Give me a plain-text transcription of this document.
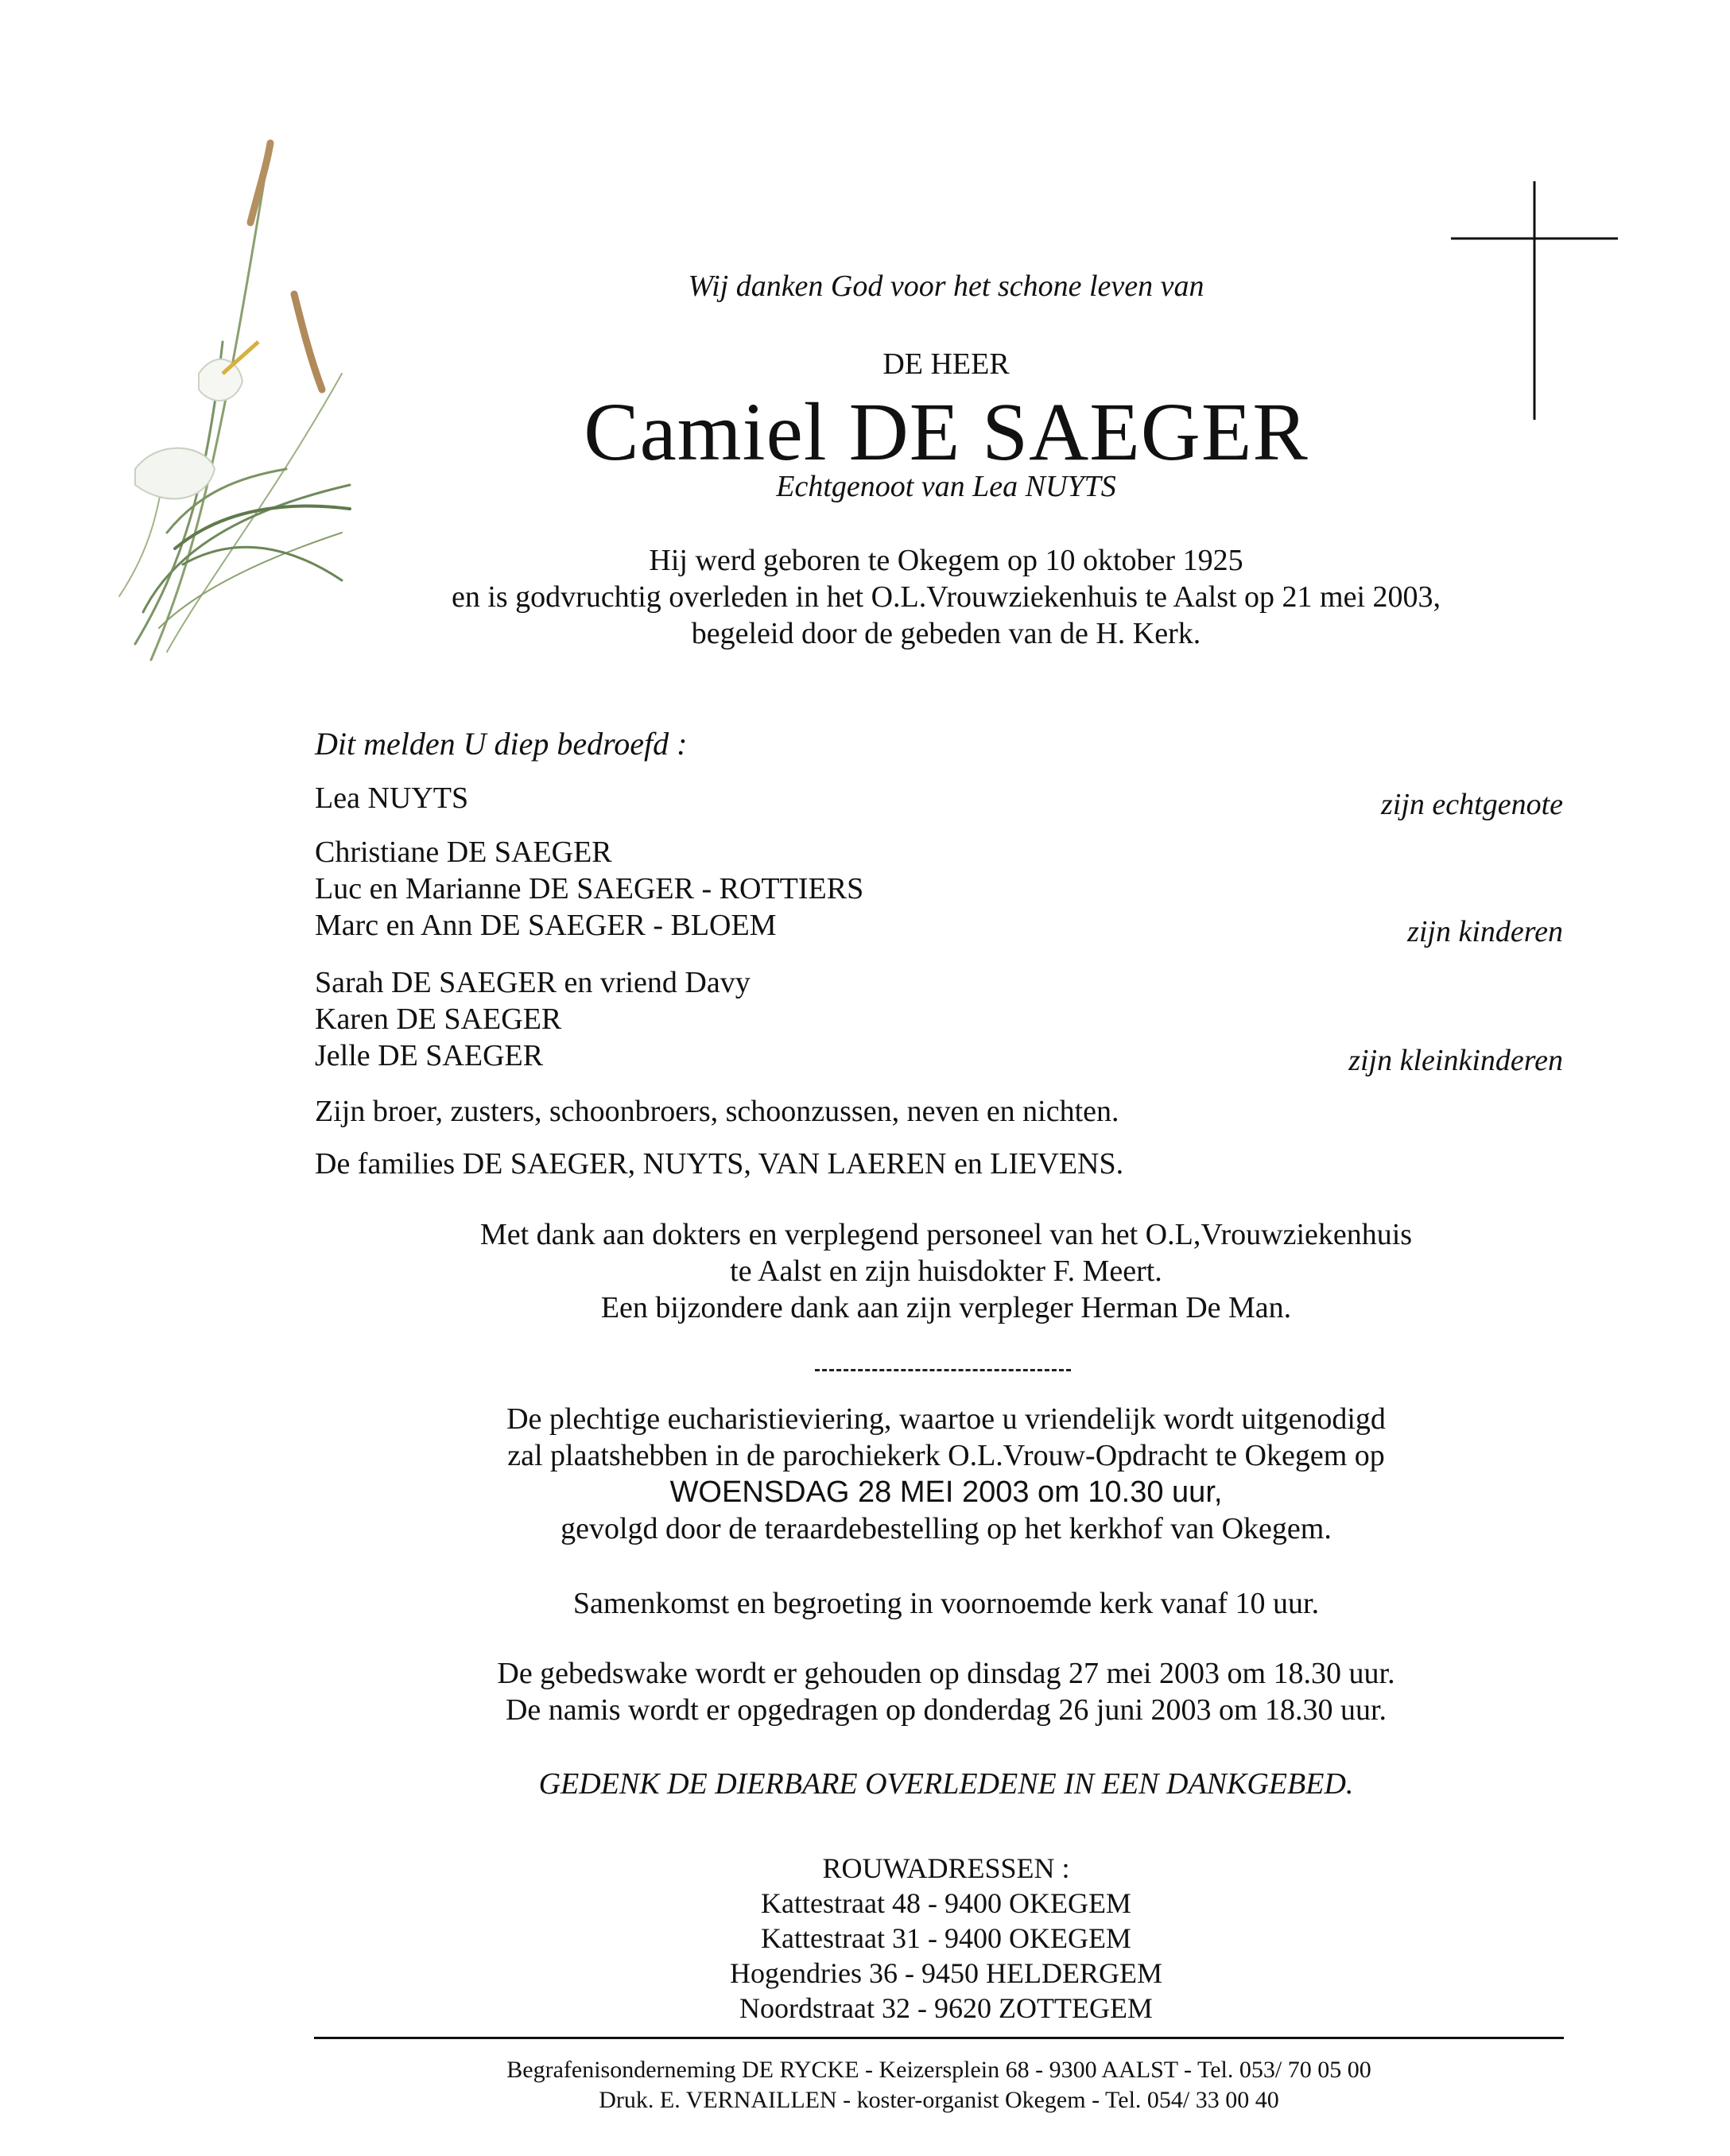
Wij danken God voor het schone leven van
DE HEER
Camiel DE SAEGER
Echtgenoot van Lea NUYTS
Hij werd geboren te Okegem op 10 oktober 1925
en is godvruchtig overleden in het O.L.Vrouwziekenhuis te Aalst op 21 mei 2003,
begeleid door de gebeden van de H. Kerk.
Dit melden U diep bedroefd :
Lea NUYTS	zijn echtgenote
Christiane DE SAEGER
Luc en Marianne DE SAEGER - ROTTIERS
Marc en Ann DE SAEGER - BLOEM	zijn kinderen
Sarah DE SAEGER en vriend Davy
Karen DE SAEGER
Jelle DE SAEGER	zijn kleinkinderen
Zijn broer, zusters, schoonbroers, schoonzussen, neven en nichten.
De families DE SAEGER, NUYTS, VAN LAEREN en LIEVENS.
Met dank aan dokters en verplegend personeel van het O.L,Vrouwziekenhuis
te Aalst en zijn huisdokter F. Meert.
Een bijzondere dank aan zijn verpleger Herman De Man.
De plechtige eucharistieviering, waartoe u vriendelijk wordt uitgenodigd
zal plaatshebben in de parochiekerk O.L.Vrouw-Opdracht te Okegem op
WOENSDAG 28 MEI 2003 om 10.30 uur,
gevolgd door de teraardebestelling op het kerkhof van Okegem.
Samenkomst en begroeting in voornoemde kerk vanaf 10 uur.
De gebedswake wordt er gehouden op dinsdag 27 mei 2003 om 18.30 uur.
De namis wordt er opgedragen op donderdag 26 juni 2003 om 18.30 uur.
GEDENK DE DIERBARE OVERLEDENE IN EEN DANKGEBED.
ROUWADRESSEN :
Kattestraat 48 - 9400 OKEGEM
Kattestraat 31 - 9400 OKEGEM
Hogendries 36 - 9450 HELDERGEM
Noordstraat 32 - 9620 ZOTTEGEM
Begrafenisonderneming DE RYCKE - Keizersplein 68 - 9300 AALST - Tel. 053/ 70 05 00
Druk. E. VERNAILLEN - koster-organist Okegem - Tel. 054/ 33 00 40
